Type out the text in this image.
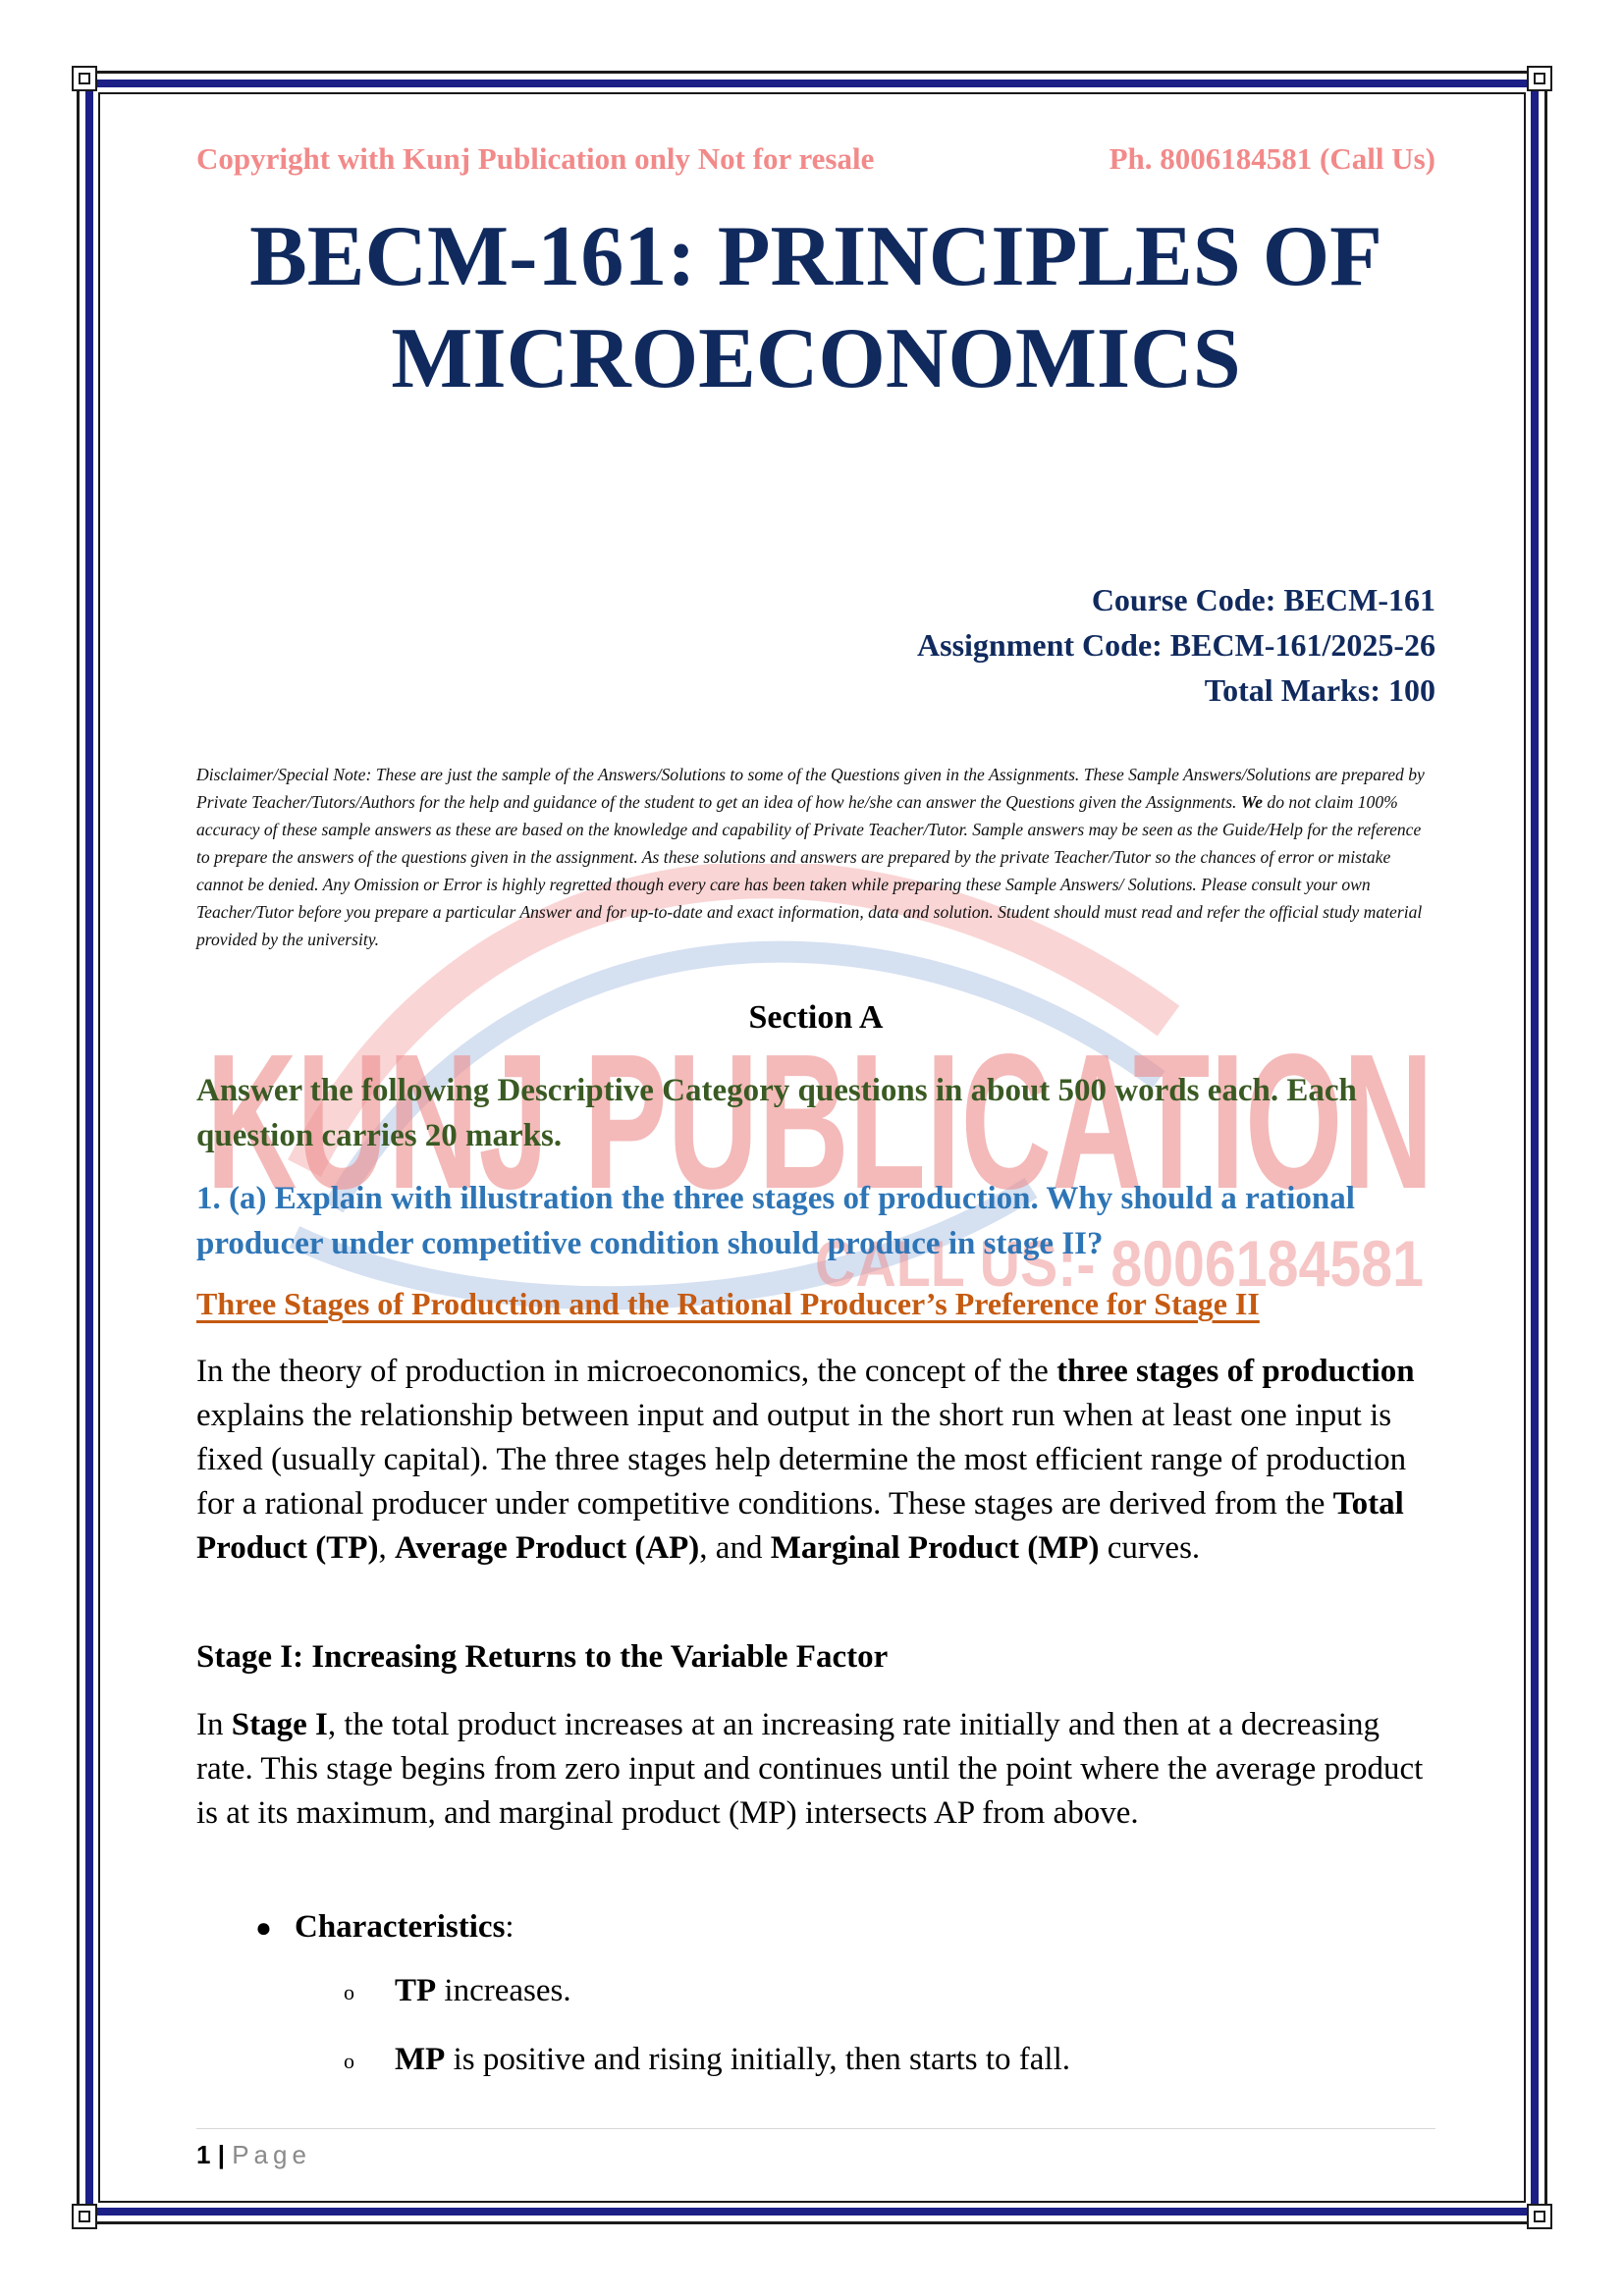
KUNJ PUBLICATION
CALL US:- 8006184581
Copyright with Kunj Publication only Not for resale	Ph. 8006184581 (Call Us)
BECM-161: PRINCIPLES OF
MICROECONOMICS
Course Code: BECM-161
Assignment Code: BECM-161/2025-26
Total Marks: 100
Disclaimer/Special Note: These are just the sample of the Answers/Solutions to some of the Questions given in the Assignments. These Sample Answers/Solutions are prepared by Private Teacher/Tutors/Authors for the help and guidance of the student to get an idea of how he/she can answer the Questions given the Assignments. We do not claim 100% accuracy of these sample answers as these are based on the knowledge and capability of Private Teacher/Tutor. Sample answers may be seen as the Guide/Help for the reference to prepare the answers of the questions given in the assignment. As these solutions and answers are prepared by the private Teacher/Tutor so the chances of error or mistake cannot be denied. Any Omission or Error is highly regretted though every care has been taken while preparing these Sample Answers/ Solutions. Please consult your own Teacher/Tutor before you prepare a particular Answer and for up-to-date and exact information, data and solution. Student should must read and refer the official study material provided by the university.
Section A
Answer the following Descriptive Category questions in about 500 words each. Each question carries 20 marks.
1. (a) Explain with illustration the three stages of production. Why should a rational producer under competitive condition should produce in stage II?
Three Stages of Production and the Rational Producer’s Preference for Stage II
In the theory of production in microeconomics, the concept of the three stages of production explains the relationship between input and output in the short run when at least one input is fixed (usually capital). The three stages help determine the most efficient range of production for a rational producer under competitive conditions. These stages are derived from the Total Product (TP), Average Product (AP), and Marginal Product (MP) curves.
Stage I: Increasing Returns to the Variable Factor
In Stage I, the total product increases at an increasing rate initially and then at a decreasing rate. This stage begins from zero input and continues until the point where the average product is at its maximum, and marginal product (MP) intersects AP from above.
● Characteristics:
o TP increases.
o MP is positive and rising initially, then starts to fall.
1 | Page
